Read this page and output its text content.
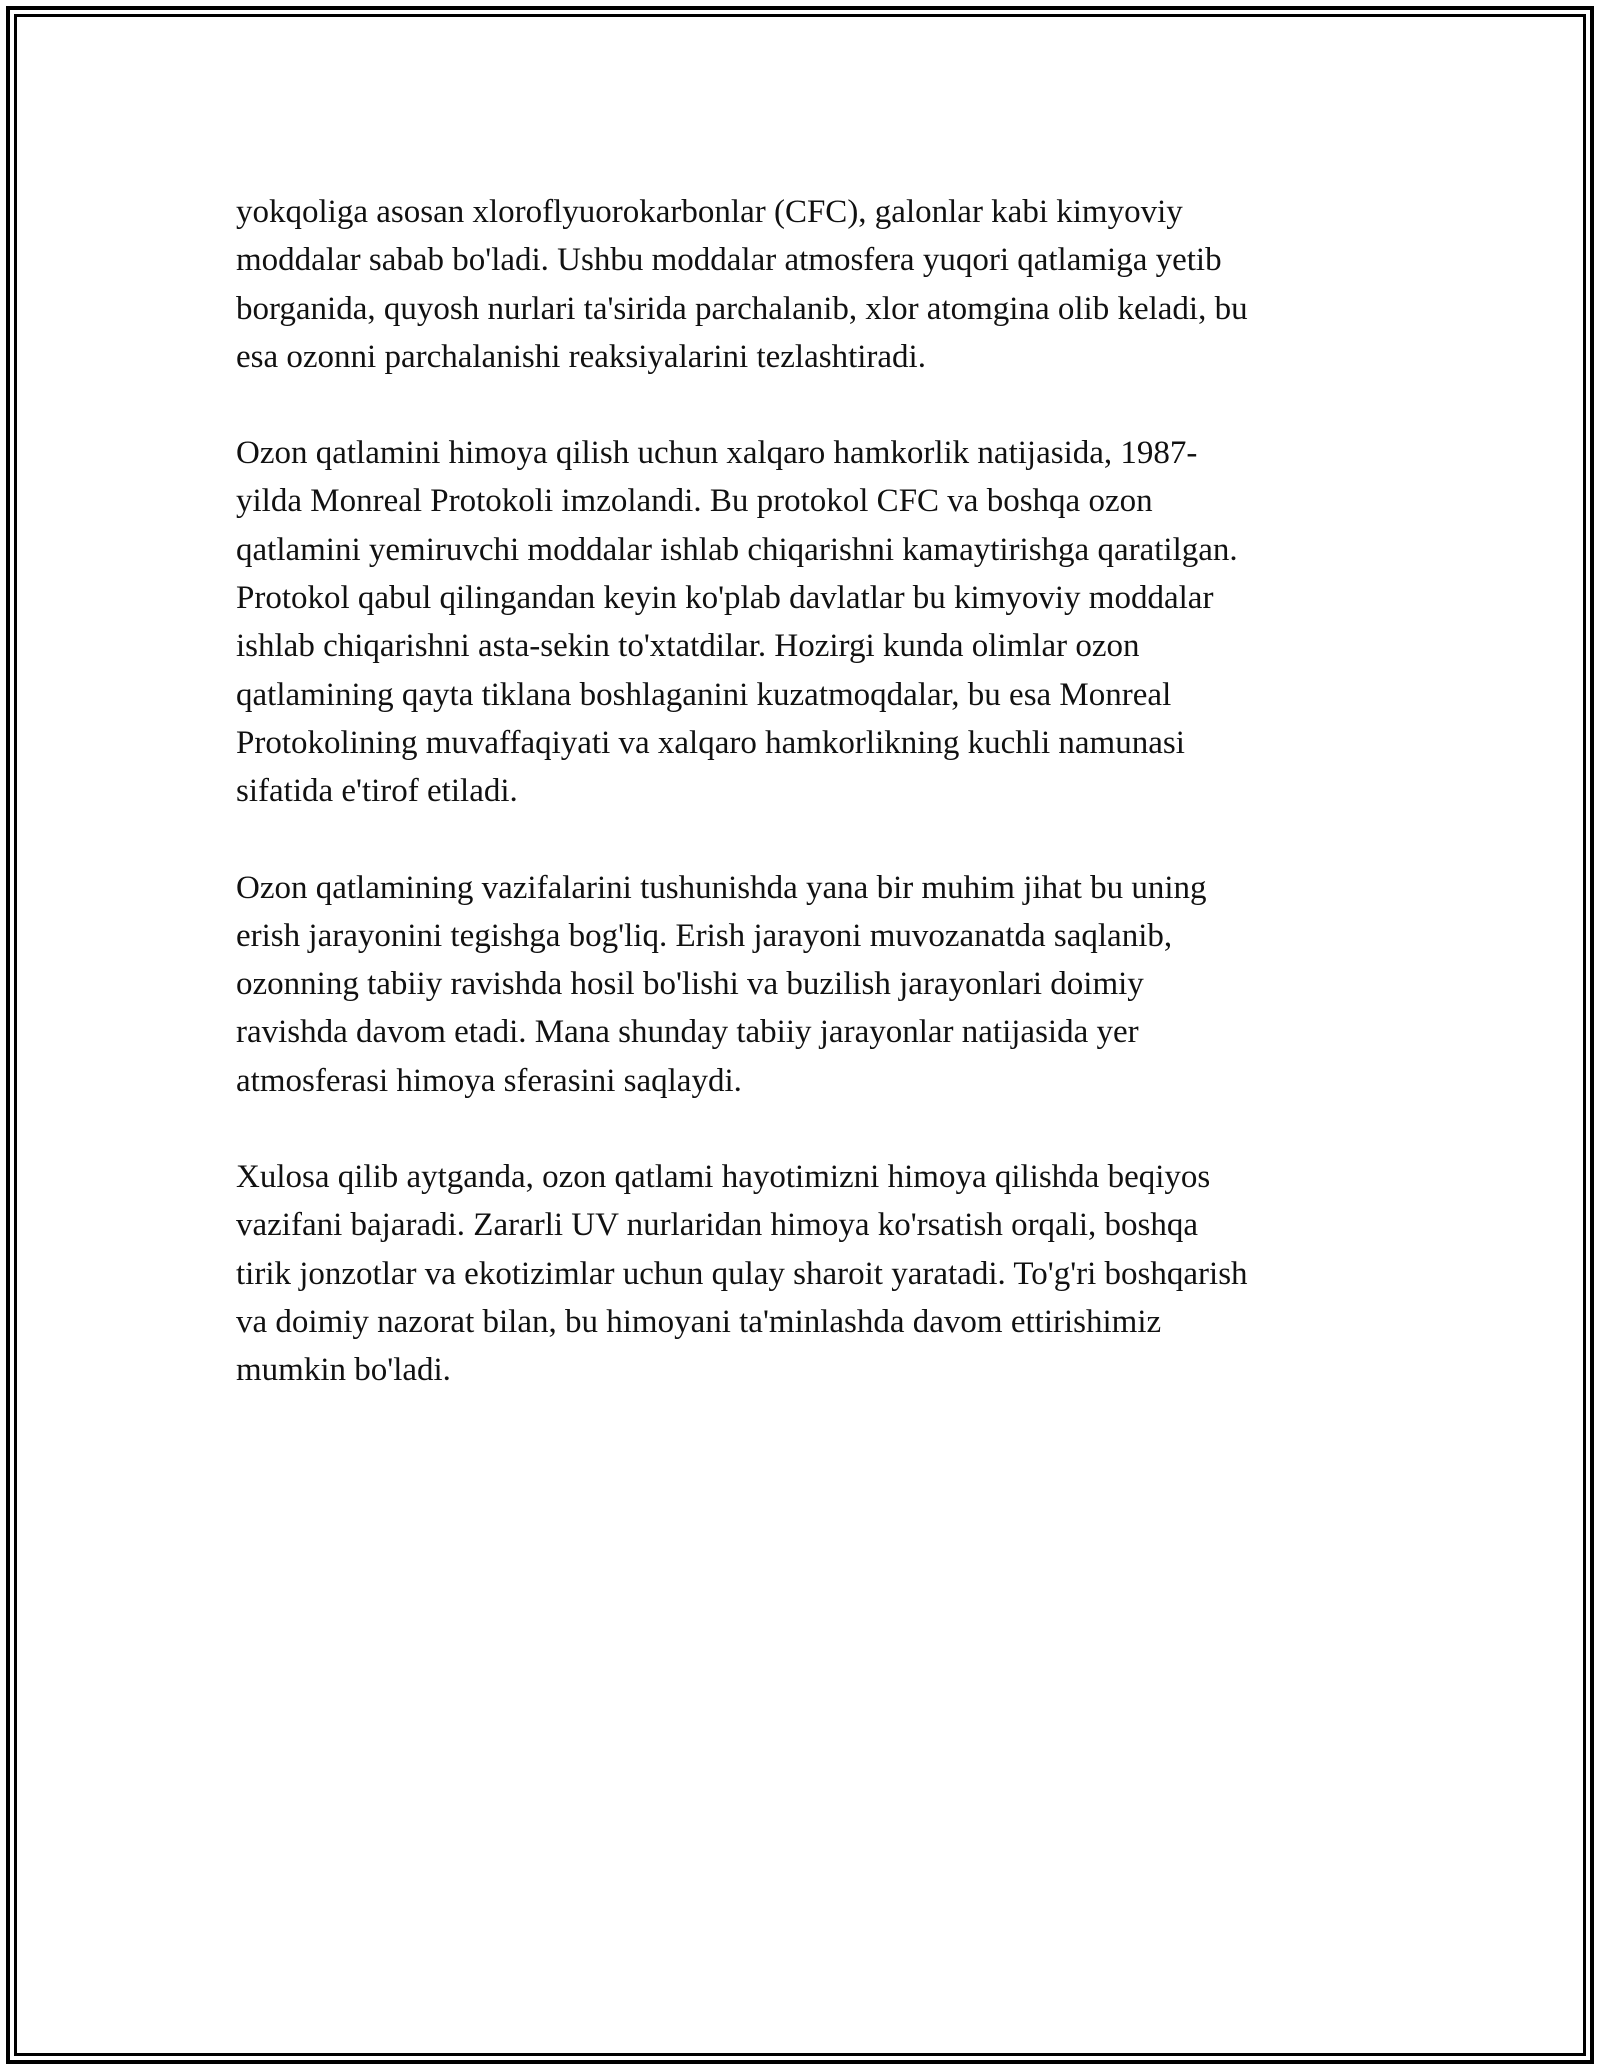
yokqoliga asosan xloroflyuorokarbonlar (CFC), galonlar kabi kimyoviy
moddalar sabab bo'ladi. Ushbu moddalar atmosfera yuqori qatlamiga yetib
borganida, quyosh nurlari ta'sirida parchalanib, xlor atomgina olib keladi, bu
esa ozonni parchalanishi reaksiyalarini tezlashtiradi.
Ozon qatlamini himoya qilish uchun xalqaro hamkorlik natijasida, 1987-
yilda Monreal Protokoli imzolandi. Bu protokol CFC va boshqa ozon
qatlamini yemiruvchi moddalar ishlab chiqarishni kamaytirishga qaratilgan.
Protokol qabul qilingandan keyin ko'plab davlatlar bu kimyoviy moddalar
ishlab chiqarishni asta-sekin to'xtatdilar. Hozirgi kunda olimlar ozon
qatlamining qayta tiklana boshlaganini kuzatmoqdalar, bu esa Monreal
Protokolining muvaffaqiyati va xalqaro hamkorlikning kuchli namunasi
sifatida e'tirof etiladi.
Ozon qatlamining vazifalarini tushunishda yana bir muhim jihat bu uning
erish jarayonini tegishga bog'liq. Erish jarayoni muvozanatda saqlanib,
ozonning tabiiy ravishda hosil bo'lishi va buzilish jarayonlari doimiy
ravishda davom etadi. Mana shunday tabiiy jarayonlar natijasida yer
atmosferasi himoya sferasini saqlaydi.
Xulosa qilib aytganda, ozon qatlami hayotimizni himoya qilishda beqiyos
vazifani bajaradi. Zararli UV nurlaridan himoya ko'rsatish orqali, boshqa
tirik jonzotlar va ekotizimlar uchun qulay sharoit yaratadi. To'g'ri boshqarish
va doimiy nazorat bilan, bu himoyani ta'minlashda davom ettirishimiz
mumkin bo'ladi.
